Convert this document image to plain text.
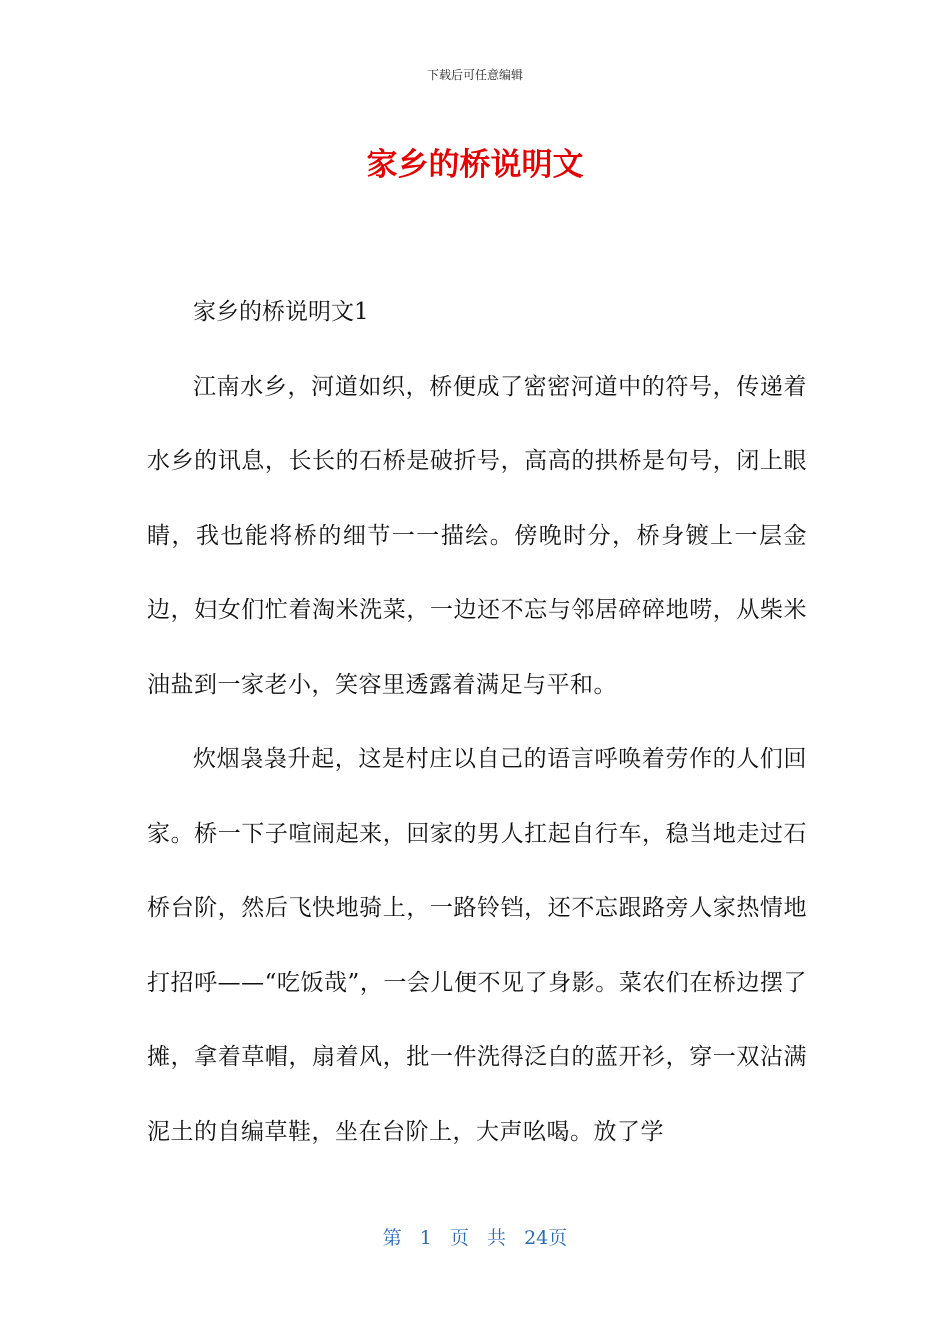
下载后可任意编辑
家乡的桥说明文
家乡的桥说明文1

江南水乡，河道如织，桥便成了密密河道中的符号，传递着水乡的讯息，长长的石桥是破折号，高高的拱桥是句号，闭上眼睛，我也能将桥的细节一一描绘。傍晚时分，桥身镀上一层金边，妇女们忙着淘米洗菜，一边还不忘与邻居碎碎地唠，从柴米油盐到一家老小，笑容里透露着满足与平和。

炊烟袅袅升起，这是村庄以自己的语言呼唤着劳作的人们回家。桥一下子喧闹起来，回家的男人扛起自行车，稳当地走过石桥台阶，然后飞快地骑上，一路铃铛，还不忘跟路旁人家热情地打招呼——“吃饭哉”，一会儿便不见了身影。菜农们在桥边摆了摊，拿着草帽，扇着风，批一件洗得泛白的蓝开衫，穿一双沾满泥土的自编草鞋，坐在台阶上，大声吆喝。放了学

第 1 页 共 24页
